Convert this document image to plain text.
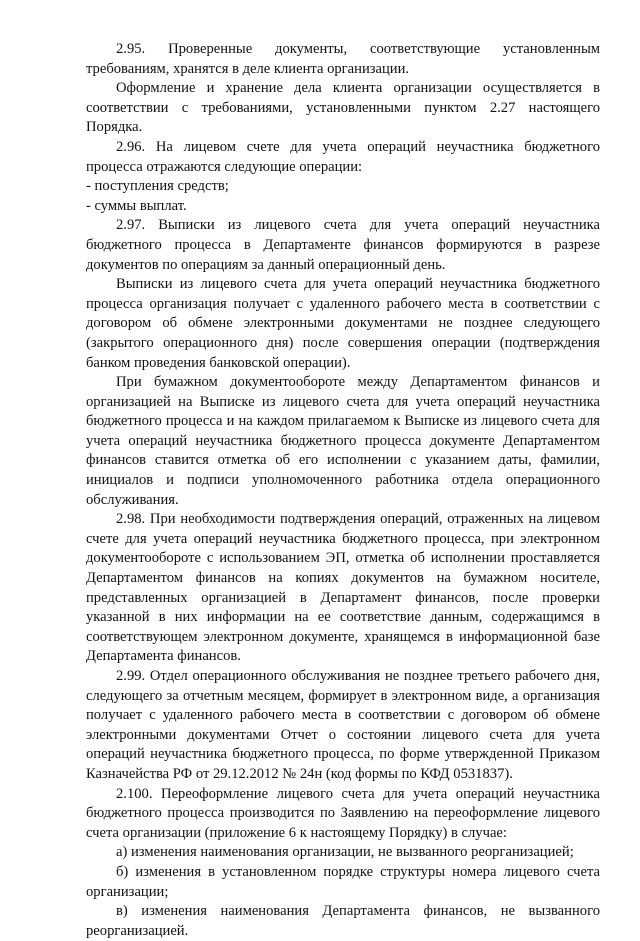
2.95. Проверенные документы, соответствующие установленным требованиям, хранятся в деле клиента организации.

Оформление и хранение дела клиента организации осуществляется в соответствии с требованиями, установленными пунктом 2.27 настоящего Порядка.

2.96. На лицевом счете для учета операций неучастника бюджетного процесса отражаются следующие операции:

- поступления средств;

- суммы выплат.

2.97. Выписки из лицевого счета для учета операций неучастника бюджетного процесса в Департаменте финансов формируются в разрезе документов по операциям за данный операционный день.

Выписки из лицевого счета для учета операций неучастника бюджетного процесса организация получает с удаленного рабочего места в соответствии с договором об обмене электронными документами не позднее следующего (закрытого операционного дня) после совершения операции (подтверждения банком проведения банковской операции).

При бумажном документообороте между Департаментом финансов и организацией на Выписке из лицевого счета для учета операций неучастника бюджетного процесса и на каждом прилагаемом к Выписке из лицевого счета для учета операций неучастника бюджетного процесса документе Департаментом финансов ставится отметка об его исполнении с указанием даты, фамилии, инициалов и подписи уполномоченного работника отдела операционного обслуживания.

2.98. При необходимости подтверждения операций, отраженных на лицевом счете для учета операций неучастника бюджетного процесса, при электронном документообороте с использованием ЭП, отметка об исполнении проставляется Департаментом финансов на копиях документов на бумажном носителе, представленных организацией в Департамент финансов, после проверки указанной в них информации на ее соответствие данным, содержащимся в соответствующем электронном документе, хранящемся в информационной базе Департамента финансов.

2.99. Отдел операционного обслуживания не позднее третьего рабочего дня, следующего за отчетным месяцем, формирует в электронном виде, а организация получает с удаленного рабочего места в соответствии с договором об обмене электронными документами Отчет о состоянии лицевого счета для учета операций неучастника бюджетного процесса, по форме утвержденной Приказом Казначейства РФ от 29.12.2012 № 24н (код формы по КФД 0531837).

2.100. Переоформление лицевого счета для учета операций неучастника бюджетного процесса производится по Заявлению на переоформление лицевого счета организации (приложение 6 к настоящему Порядку) в случае:

а) изменения наименования организации, не вызванного реорганизацией;

б) изменения в установленном порядке структуры номера лицевого счета организации;

в) изменения наименования Департамента финансов, не вызванного реорганизацией.
